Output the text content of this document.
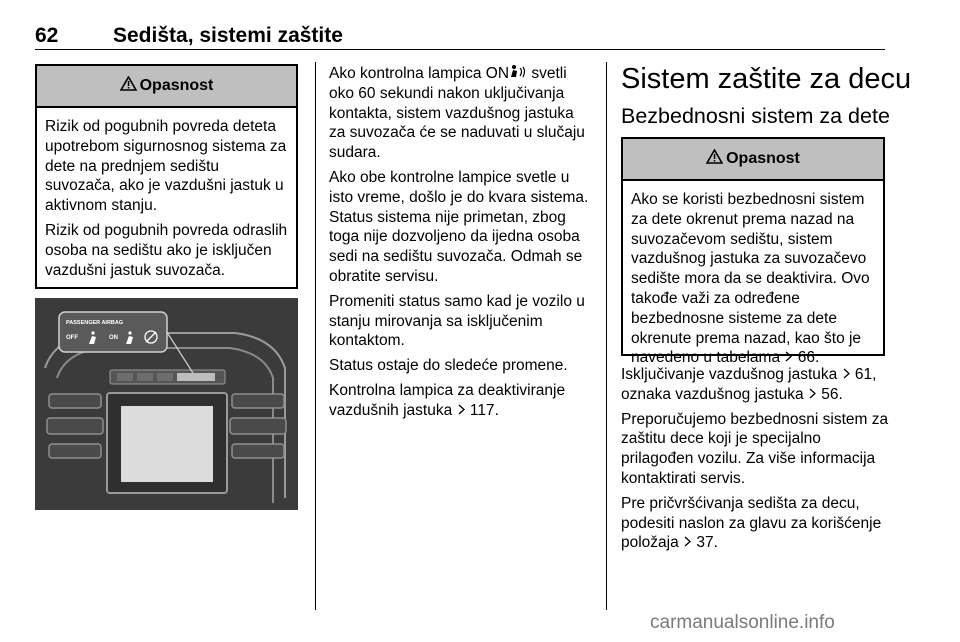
62	Sedišta, sistemi zaštite
Opasnost

Rizik od pogubnih povreda deteta upotrebom sigurnosnog sistema za dete na prednjem sedištu suvozača, ako je vazdušni jastuk u aktivnom stanju.

Rizik od pogubnih povreda odraslih osoba na sedištu ako je isključen vazdušni jastuk suvozača.

PASSENGER AIRBAG
OFF	ON

Ako kontrolna lampica ON svetli oko 60 sekundi nakon uključivanja kontakta, sistem vazdušnog jastuka za suvozača će se naduvati u slučaju sudara.

Ako obe kontrolne lampice svetle u isto vreme, došlo je do kvara sistema. Status sistema nije primetan, zbog toga nije dozvoljeno da ijedna osoba sedi na sedištu suvozača. Odmah se obratite servisu.

Promeniti status samo kad je vozilo u stanju mirovanja sa isključenim kontaktom.

Status ostaje do sledeće promene.

Kontrolna lampica za deaktiviranje vazdušnih jastuka  117.

Sistem zaštite za decu
Bezbednosni sistem za dete
Opasnost

Ako se koristi bezbednosni sistem za dete okrenut prema nazad na suvozačevom sedištu, sistem vazdušnog jastuka za suvozačevo sedište mora da se deaktivira. Ovo takođe važi za određene bezbednosne sisteme za dete okrenute prema nazad, kao što je navedeno u tabelama  66.

Isključivanje vazdušnog jastuka  61, oznaka vazdušnog jastuka  56.

Preporučujemo bezbednosni sistem za zaštitu dece koji je specijalno prilagođen vozilu. Za više informacija kontaktirati servis.

Pre pričvršćivanja sedišta za decu, podesiti naslon za glavu za korišćenje položaja  37.

carmanualsonline.info
